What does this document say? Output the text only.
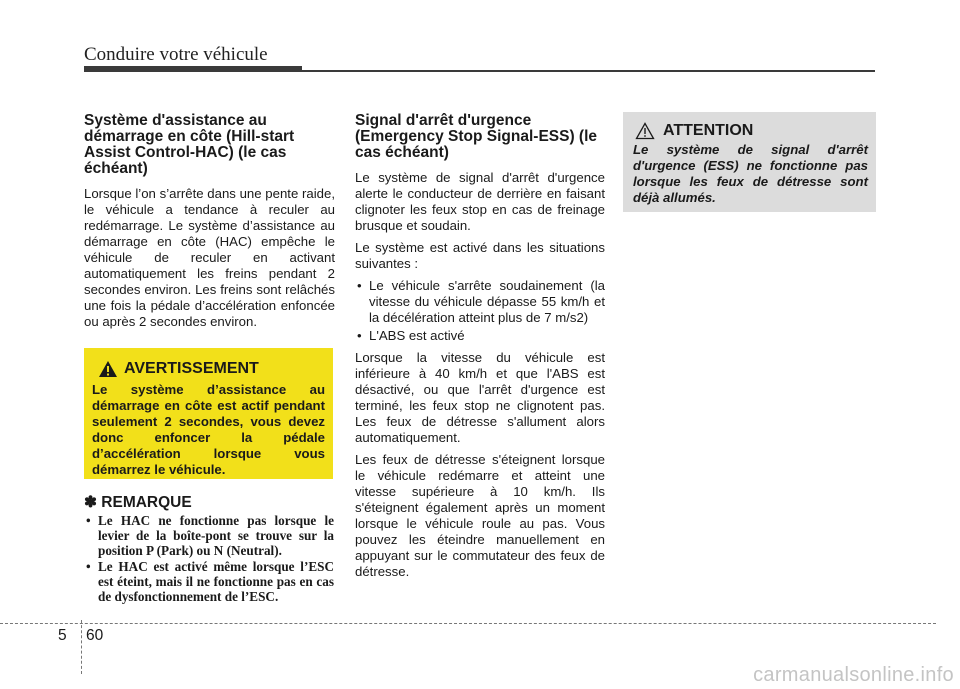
Conduire votre véhicule
Système d'assistance au démarrage en côte (Hill-start Assist Control-HAC) (le cas échéant)

Lorsque l’on s’arrête dans une pente raide, le véhicule a tendance à reculer au redémarrage. Le système d’assistance au démarrage en côte (HAC) empêche le véhicule de reculer en activant automatiquement les freins pendant 2 secondes environ. Les freins sont relâchés une fois la pédale d’accélération enfoncée ou après 2 secondes environ.

AVERTISSEMENT
Le système d’assistance au démarrage en côte est actif pendant seulement 2 secondes, vous devez donc enfoncer la pédale d’accélération lorsque vous démarrez le véhicule.
✽ REMARQUE
• Le HAC ne fonctionne pas lorsque le levier de la boîte-pont se trouve sur la position P (Park) ou N (Neutral).
• Le HAC est activé même lorsque l’ESC est éteint, mais il ne fonctionne pas en cas de dysfonctionnement de l’ESC.
Signal d'arrêt d'urgence (Emergency Stop Signal-ESS) (le cas échéant)

Le système de signal d'arrêt d'urgence alerte le conducteur de derrière en faisant clignoter les feux stop en cas de freinage brusque et soudain.

Le système est activé dans les situations suivantes :

• Le véhicule s'arrête soudainement (la vitesse du véhicule dépasse 55 km/h et la décélération atteint plus de 7 m/s2)
• L'ABS est activé

Lorsque la vitesse du véhicule est inférieure à 40 km/h et que l'ABS est désactivé, ou que l'arrêt d'urgence est terminé, les feux stop ne clignotent pas. Les feux de détresse s'allument alors automatiquement.

Les feux de détresse s'éteignent lorsque le véhicule redémarre et atteint une vitesse supérieure à 10 km/h. Ils s'éteignent également après un moment lorsque le véhicule roule au pas. Vous pouvez les éteindre manuellement en appuyant sur le commutateur des feux de détresse.

ATTENTION
Le système de signal d'arrêt d'urgence (ESS) ne fonctionne pas lorsque les feux de détresse sont déjà allumés.
5 60
carmanualsonline.info
